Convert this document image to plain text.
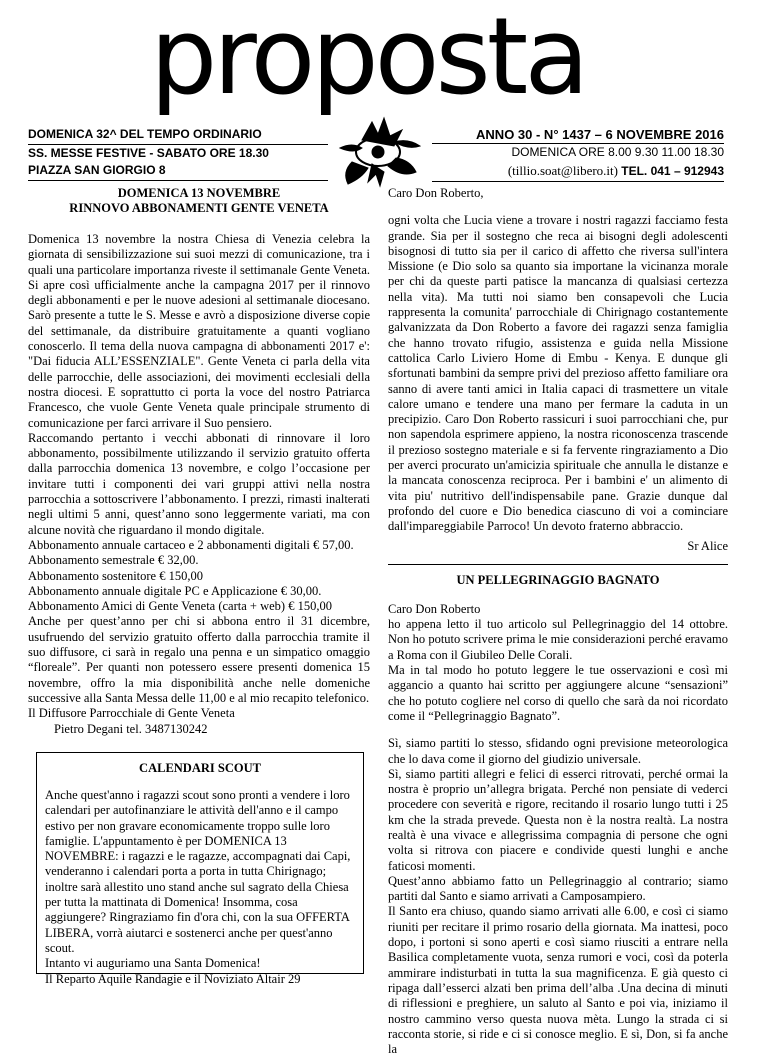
proposta
DOMENICA 32^ DEL TEMPO ORDINARIO
SS. MESSE FESTIVE - SABATO ORE 18.30
PIAZZA SAN GIORGIO 8
ANNO 30 - N° 1437 – 6 NOVEMBRE 2016
DOMENICA ORE 8.00 9.30 11.00 18.30
(tillio.soat@libero.it) TEL. 041 – 912943
DOMENICA 13 NOVEMBRE
RINNOVO ABBONAMENTI GENTE VENETA

Domenica 13 novembre la nostra Chiesa di Venezia celebra la giornata di sensibilizzazione sui suoi mezzi di comunicazione, tra i quali una particolare importanza riveste il settimanale Gente Veneta. Si apre così ufficialmente anche la campagna 2017 per il rinnovo degli abbonamenti e per le nuove adesioni al settimanale diocesano. Sarò presente a tutte le S. Messe e avrò a disposizione diverse copie del settimanale, da distribuire gratuitamente a quanti vogliano conoscerlo. Il tema della nuova campagna di abbonamenti 2017 e': "Dai fiducia ALL’ESSENZIALE". Gente Veneta ci parla della vita delle parrocchie, delle associazioni, dei movimenti ecclesiali della nostra diocesi. E soprattutto ci porta la voce del nostro Patriarca Francesco, che vuole Gente Veneta quale principale strumento di comunicazione per farci arrivare il Suo pensiero.
Raccomando pertanto i vecchi abbonati di rinnovare il loro abbonamento, possibilmente utilizzando il servizio gratuito offerta dalla parrocchia domenica 13 novembre, e colgo l’occasione per invitare tutti i componenti dei vari gruppi attivi nella nostra parrocchia a sottoscrivere l’abbonamento. I prezzi, rimasti inalterati negli ultimi 5 anni, quest’anno sono leggermente variati, ma con alcune novità che riguardano il mondo digitale.
Abbonamento annuale cartaceo e 2 abbonamenti digitali € 57,00.
Abbonamento semestrale € 32,00.
Abbonamento sostenitore € 150,00
Abbonamento annuale digitale PC e Applicazione € 30,00.
Abbonamento Amici di Gente Veneta (carta + web) € 150,00
Anche per quest’anno per chi si abbona entro il 31 dicembre, usufruendo del servizio gratuito offerto dalla parrocchia tramite il suo diffusore, ci sarà in regalo una penna e un simpatico omaggio “floreale”. Per quanti non potessero essere presenti domenica 15 novembre, offro la mia disponibilità anche nelle domeniche successive alla Santa Messa delle 11,00 e al mio recapito telefonico.
Il Diffusore Parrocchiale di Gente Veneta

Pietro Degani tel. 3487130242
CALENDARI SCOUT

Anche quest'anno i ragazzi scout sono pronti a vendere i loro calendari per autofinanziare le attività dell'anno e il campo estivo per non gravare economicamente troppo sulle loro famiglie. L'appuntamento è per DOMENICA 13 NOVEMBRE: i ragazzi e le ragazze, accompagnati dai Capi, venderanno i calendari porta a porta in tutta Chirignago; inoltre sarà allestito uno stand anche sul sagrato della Chiesa per tutta la mattinata di Domenica! Insomma, cosa aggiungere? Ringraziamo fin d'ora chi, con la sua OFFERTA LIBERA, vorrà aiutarci e sostenerci anche per quest'anno scout.
Intanto vi auguriamo una Santa Domenica!
Il Reparto Aquile Randagie e il Noviziato Altair 29

Caro Don Roberto,

ogni volta che Lucia viene a trovare i nostri ragazzi facciamo festa grande. Sia per il sostegno che reca ai bisogni degli adolescenti bisognosi di tutto sia per il carico di affetto che riversa sull'intera Missione (e Dio solo sa quanto sia importane la vicinanza morale per chi da queste parti patisce la mancanza di qualsiasi certezza nella vita). Ma tutti noi siamo ben consapevoli che Lucia rappresenta la comunita' parrocchiale di Chirignago costantemente galvanizzata da Don Roberto a favore dei ragazzi senza famiglia che hanno trovato rifugio, assistenza e guida nella Missione cattolica Carlo Liviero Home di Embu - Kenya. E dunque gli sfortunati bambini da sempre privi del prezioso affetto familiare ora sanno di avere tanti amici in Italia capaci di trasmettere un vitale calore umano e tendere una mano per fermare la caduta in un precipizio. Caro Don Roberto rassicuri i suoi parrocchiani che, pur non sapendola esprimere appieno, la nostra riconoscenza trascende il prezioso sostegno materiale e si fa fervente ringraziamento a Dio per averci procurato un'amicizia spirituale che annulla le distanze e la mancata conoscenza reciproca. Per i bambini e' un alimento di vita piu' nutritivo dell'indispensabile pane. Grazie dunque dal profondo del cuore e Dio benedica ciascuno di voi a cominciare dall'impareggiabile Parroco! Un devoto fraterno abbraccio.

Sr Alice
UN PELLEGRINAGGIO BAGNATO
Caro Don Roberto

ho appena letto il tuo articolo sul Pellegrinaggio del 14 ottobre. Non ho potuto scrivere prima le mie considerazioni perché eravamo a Roma con il Giubileo Delle Corali.
Ma in tal modo ho potuto leggere le tue osservazioni e così mi aggancio a quanto hai scritto per aggiungere alcune “sensazioni” che ho potuto cogliere nel corso di quello che sarà da noi ricordato come il “Pellegrinaggio Bagnato”.

Sì, siamo partiti lo stesso, sfidando ogni previsione meteorologica che lo dava come il giorno del giudizio universale.
Sì, siamo partiti allegri e felici di esserci ritrovati, perché ormai la nostra è proprio un’allegra brigata. Perché non pensiate di vederci procedere con severità e rigore, recitando il rosario lungo tutti i 25 km che la strada prevede. Questa non è la nostra realtà. La nostra realtà è una vivace e allegrissima compagnia di persone che ogni volta si ritrova con piacere e condivide questi lunghi e anche faticosi momenti.
Quest’anno abbiamo fatto un Pellegrinaggio al contrario; siamo partiti dal Santo e siamo arrivati a Camposampiero.
Il Santo era chiuso, quando siamo arrivati alle 6.00, e così ci siamo riuniti per recitare il primo rosario della giornata. Ma inattesi, poco dopo, i portoni si sono aperti e così siamo riusciti a entrare nella Basilica completamente vuota, senza rumori e voci, così da poterla ammirare indisturbati in tutta la sua magnificenza. E già questo ci ripaga dall’esserci alzati ben prima dell’alba .Una decina di minuti di riflessioni e preghiere, un saluto al Santo e poi via, iniziamo il nostro cammino verso questa nuova mèta. Lungo la strada ci si racconta storie, si ride e ci si conosce meglio. E sì, Don, si fa anche la
